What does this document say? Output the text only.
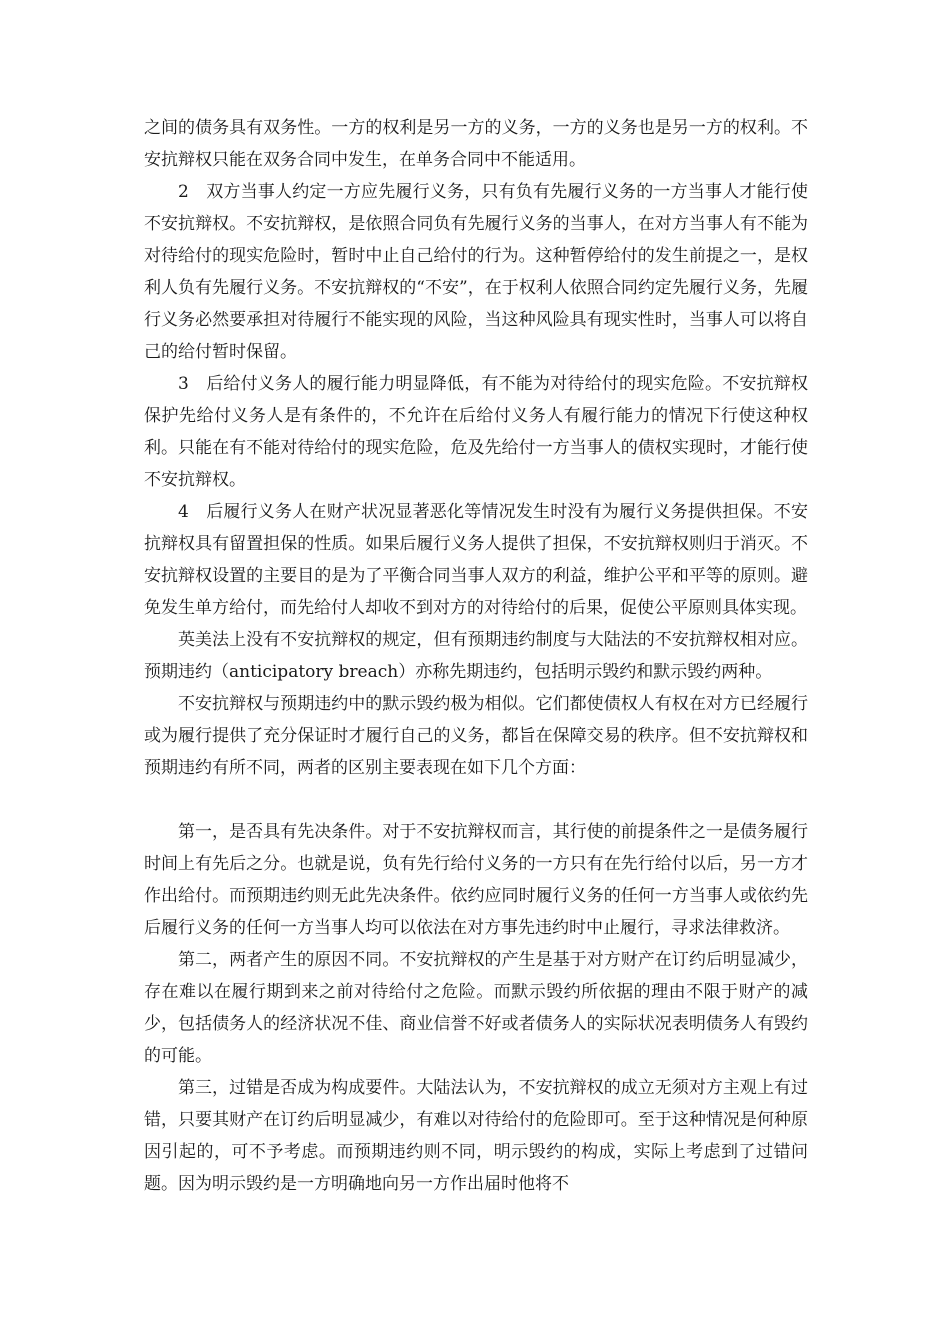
之间的债务具有双务性。一方的权利是另一方的义务，一方的义务也是另一方的权利。不安抗辩权只能在双务合同中发生，在单务合同中不能适用。

2　双方当事人约定一方应先履行义务，只有负有先履行义务的一方当事人才能行使不安抗辩权。不安抗辩权，是依照合同负有先履行义务的当事人，在对方当事人有不能为对待给付的现实危险时，暂时中止自己给付的行为。这种暂停给付的发生前提之一，是权利人负有先履行义务。不安抗辩权的“不安”，在于权利人依照合同约定先履行义务，先履行义务必然要承担对待履行不能实现的风险，当这种风险具有现实性时，当事人可以将自己的给付暂时保留。

3　后给付义务人的履行能力明显降低，有不能为对待给付的现实危险。不安抗辩权保护先给付义务人是有条件的，不允许在后给付义务人有履行能力的情况下行使这种权利。只能在有不能对待给付的现实危险，危及先给付一方当事人的债权实现时，才能行使不安抗辩权。

4　后履行义务人在财产状况显著恶化等情况发生时没有为履行义务提供担保。不安抗辩权具有留置担保的性质。如果后履行义务人提供了担保，不安抗辩权则归于消灭。不安抗辩权设置的主要目的是为了平衡合同当事人双方的利益，维护公平和平等的原则。避免发生单方给付，而先给付人却收不到对方的对待给付的后果，促使公平原则具体实现。

英美法上没有不安抗辩权的规定，但有预期违约制度与大陆法的不安抗辩权相对应。预期违约（anticipatory breach）亦称先期违约，包括明示毁约和默示毁约两种。

不安抗辩权与预期违约中的默示毁约极为相似。它们都使债权人有权在对方已经履行或为履行提供了充分保证时才履行自己的义务，都旨在保障交易的秩序。但不安抗辩权和预期违约有所不同，两者的区别主要表现在如下几个方面：

第一，是否具有先决条件。对于不安抗辩权而言，其行使的前提条件之一是债务履行时间上有先后之分。也就是说，负有先行给付义务的一方只有在先行给付以后，另一方才作出给付。而预期违约则无此先决条件。依约应同时履行义务的任何一方当事人或依约先后履行义务的任何一方当事人均可以依法在对方事先违约时中止履行，寻求法律救济。

第二，两者产生的原因不同。不安抗辩权的产生是基于对方财产在订约后明显减少，存在难以在履行期到来之前对待给付之危险。而默示毁约所依据的理由不限于财产的减少，包括债务人的经济状况不佳、商业信誉不好或者债务人的实际状况表明债务人有毁约的可能。

第三，过错是否成为构成要件。大陆法认为，不安抗辩权的成立无须对方主观上有过错，只要其财产在订约后明显减少，有难以对待给付的危险即可。至于这种情况是何种原因引起的，可不予考虑。而预期违约则不同，明示毁约的构成，实际上考虑到了过错问题。因为明示毁约是一方明确地向另一方作出届时他将不
